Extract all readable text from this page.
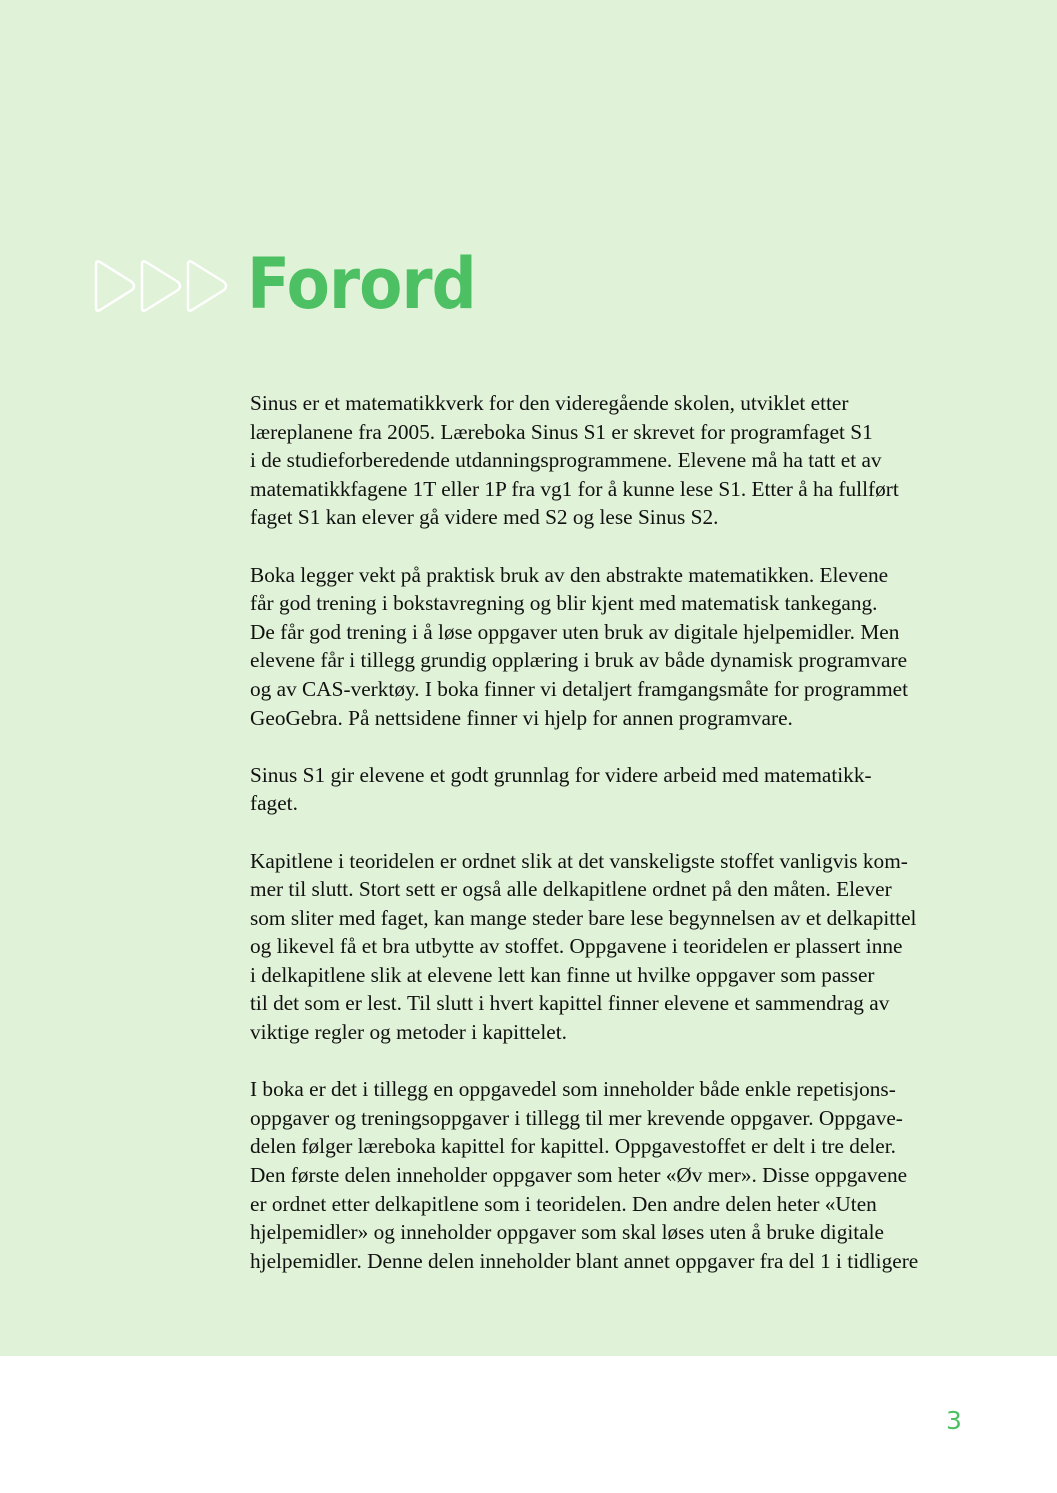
Forord

Sinus er et matematikkverk for den videregående skolen, utviklet etter
læreplanene fra 2005. Læreboka Sinus S1 er skrevet for programfaget S1
i de studieforberedende utdanningsprogrammene. Elevene må ha tatt et av
matematikkfagene 1T eller 1P fra vg1 for å kunne lese S1. Etter å ha fullført
faget S1 kan elever gå videre med S2 og lese Sinus S2.

Boka legger vekt på praktisk bruk av den abstrakte matematikken. Elevene
får god trening i bokstavregning og blir kjent med matematisk tankegang.
De får god trening i å løse oppgaver uten bruk av digitale hjelpemidler. Men
elevene får i tillegg grundig opplæring i bruk av både dynamisk programvare
og av CAS-verktøy. I boka finner vi detaljert framgangsmåte for programmet
GeoGebra. På nettsidene finner vi hjelp for annen programvare.

Sinus S1 gir elevene et godt grunnlag for videre arbeid med matematikk-
faget.

Kapitlene i teoridelen er ordnet slik at det vanskeligste stoffet vanligvis kom-
mer til slutt. Stort sett er også alle delkapitlene ordnet på den måten. Elever
som sliter med faget, kan mange steder bare lese begynnelsen av et delkapittel
og likevel få et bra utbytte av stoffet. Oppgavene i teoridelen er plassert inne
i delkapitlene slik at elevene lett kan finne ut hvilke oppgaver som passer
til det som er lest. Til slutt i hvert kapittel finner elevene et sammendrag av
viktige regler og metoder i kapittelet.

I boka er det i tillegg en oppgavedel som inneholder både enkle repetisjons-
oppgaver og treningsoppgaver i tillegg til mer krevende oppgaver. Oppgave-
delen følger læreboka kapittel for kapittel. Oppgavestoffet er delt i tre deler.
Den første delen inneholder oppgaver som heter «Øv mer». Disse oppgavene
er ordnet etter delkapitlene som i teoridelen. Den andre delen heter «Uten
hjelpemidler» og inneholder oppgaver som skal løses uten å bruke digitale
hjelpemidler. Denne delen inneholder blant annet oppgaver fra del 1 i tidligere

3
